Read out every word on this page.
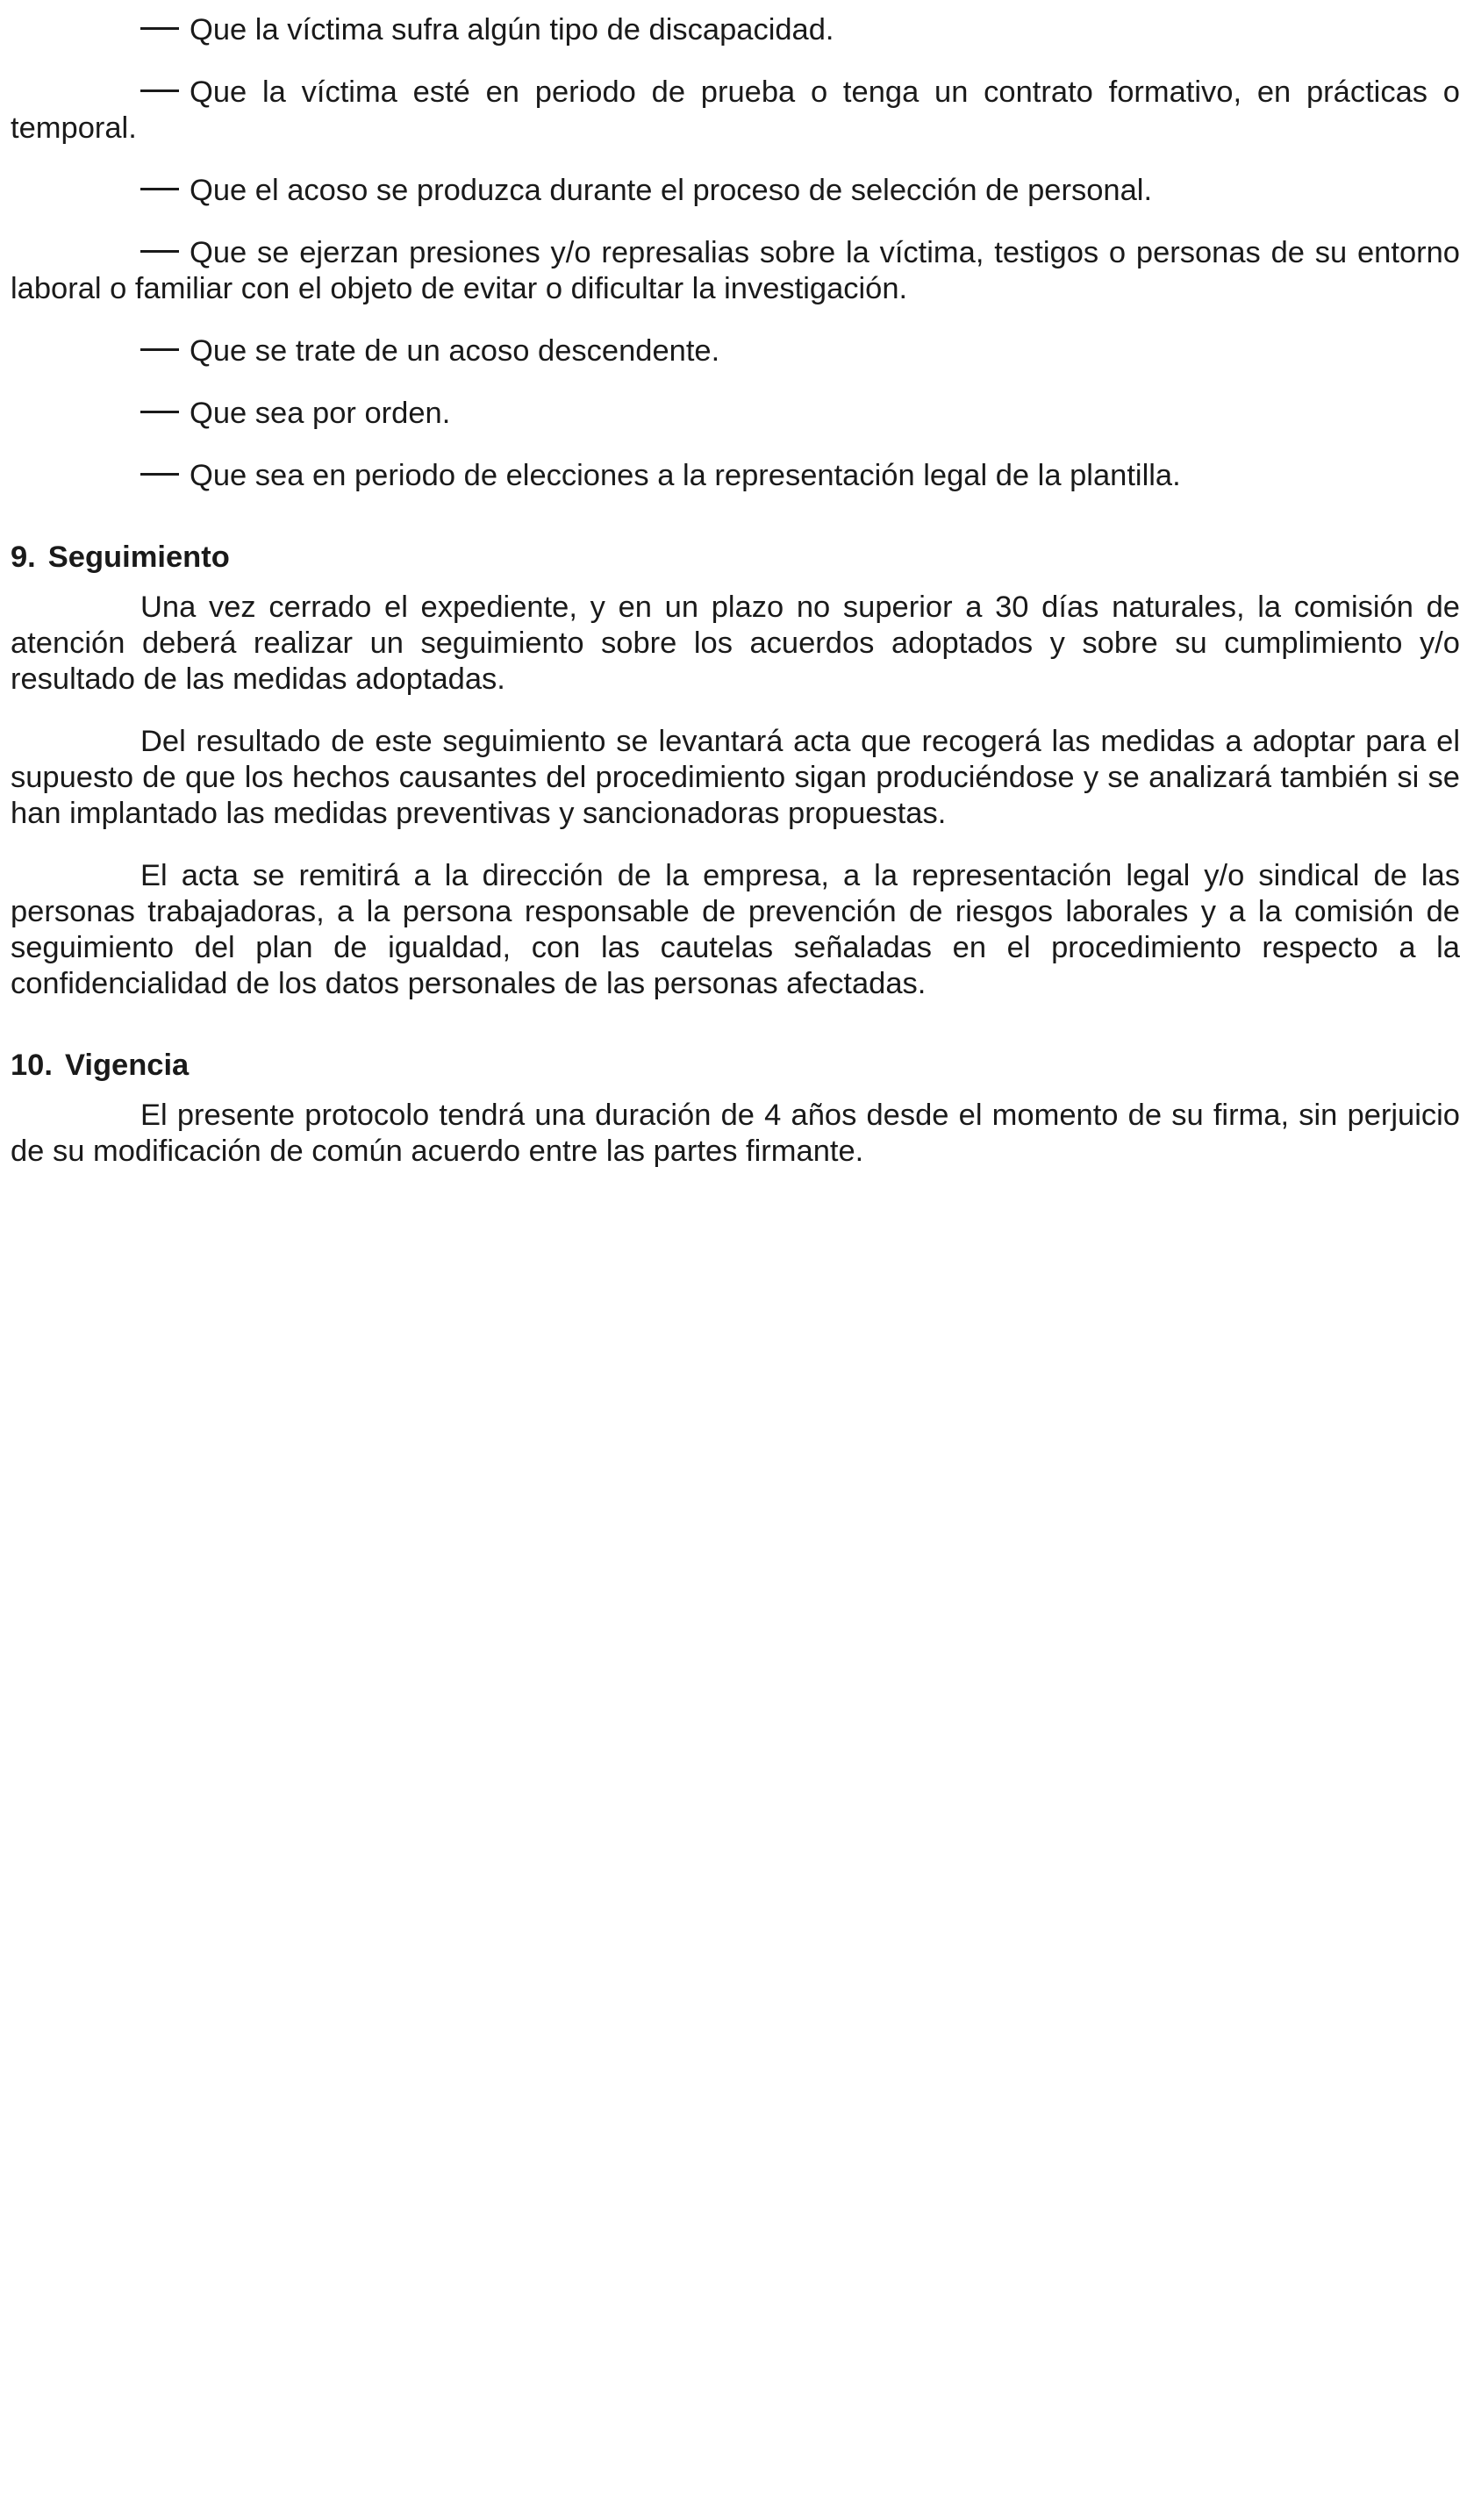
Que la víctima sufra algún tipo de discapacidad.
Que la víctima esté en periodo de prueba o tenga un contrato formativo, en prácticas o temporal.
Que el acoso se produzca durante el proceso de selección de personal.
Que se ejerzan presiones y/o represalias sobre la víctima, testigos o personas de su entorno laboral o familiar con el objeto de evitar o dificultar la investigación.
Que se trate de un acoso descendente.
Que sea por orden.
Que sea en periodo de elecciones a la representación legal de la plantilla.
9. Seguimiento

Una vez cerrado el expediente, y en un plazo no superior a 30 días naturales, la comisión de atención deberá realizar un seguimiento sobre los acuerdos adoptados y sobre su cumplimiento y/o resultado de las medidas adoptadas.

Del resultado de este seguimiento se levantará acta que recogerá las medidas a adoptar para el supuesto de que los hechos causantes del procedimiento sigan produciéndose y se analizará también si se han implantado las medidas preventivas y sancionadoras propuestas.

El acta se remitirá a la dirección de la empresa, a la representación legal y/o sindical de las personas trabajadoras, a la persona responsable de prevención de riesgos laborales y a la comisión de seguimiento del plan de igualdad, con las cautelas señaladas en el procedimiento respecto a la confidencialidad de los datos personales de las personas afectadas.

10. Vigencia

El presente protocolo tendrá una duración de 4 años desde el momento de su firma, sin perjuicio de su modificación de común acuerdo entre las partes firmante.
